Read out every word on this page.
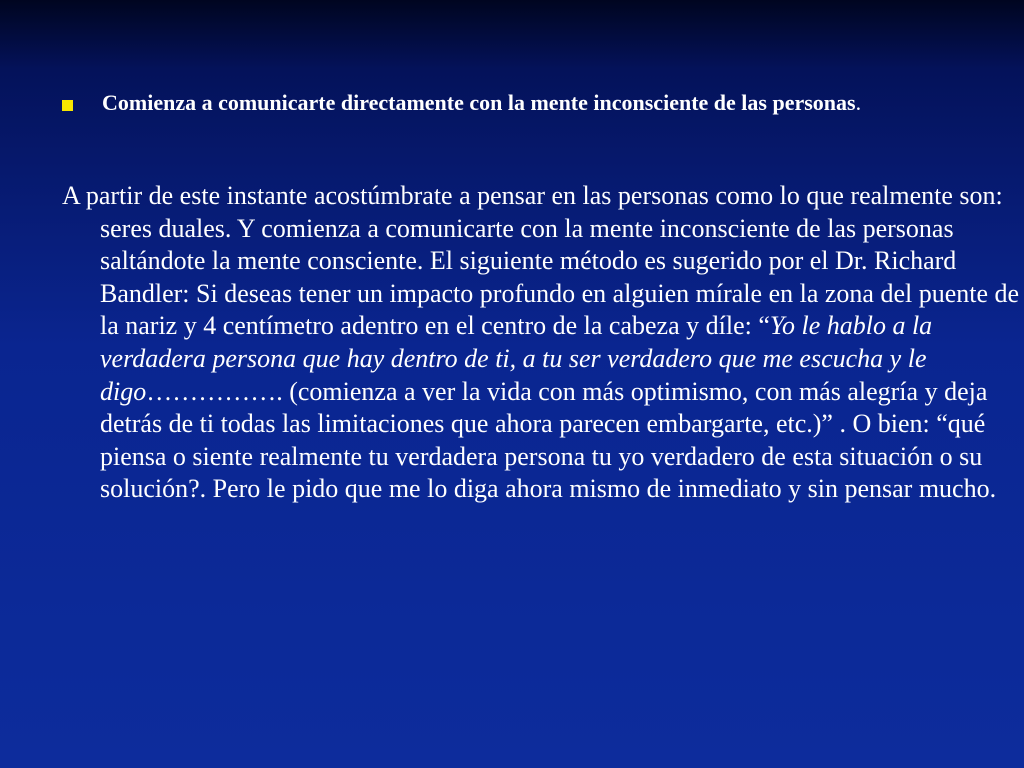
Comienza a comunicarte directamente con la mente inconsciente de las personas.

A partir de este instante acostúmbrate a pensar en las personas como lo que realmente son: seres duales. Y comienza a comunicarte con la mente inconsciente de las personas saltándote la mente consciente. El siguiente método es sugerido por el Dr. Richard Bandler: Si deseas tener un impacto profundo en alguien mírale en la zona del puente de la nariz y 4 centímetro adentro en el centro de la cabeza y díle: “Yo le hablo a la verdadera persona que hay dentro de ti, a tu ser verdadero que me escucha y le digo……………. (comienza a ver la vida con más optimismo, con más alegría y deja detrás de ti todas las limitaciones que ahora parecen embargarte, etc.)” . O bien: “qué piensa o siente realmente tu verdadera persona tu yo verdadero de esta situación o su solución?. Pero le pido que me lo diga ahora mismo de inmediato y sin pensar mucho.
